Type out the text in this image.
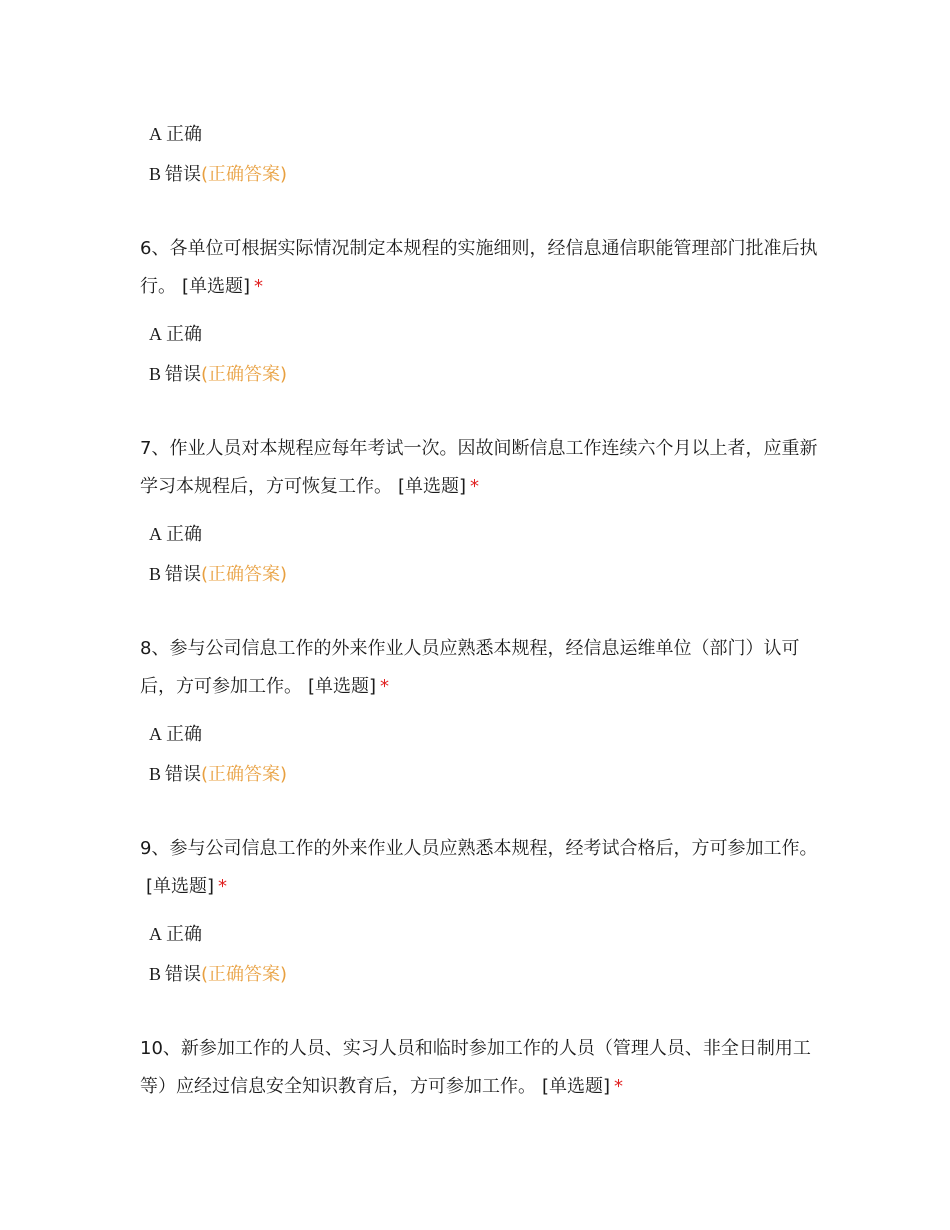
A 正确
B 错误(正确答案)
6、各单位可根据实际情况制定本规程的实施细则，经信息通信职能管理部门批准后执行。 [单选题] *
A 正确
B 错误(正确答案)
7、作业人员对本规程应每年考试一次。因故间断信息工作连续六个月以上者，应重新学习本规程后，方可恢复工作。 [单选题] *
A 正确
B 错误(正确答案)
8、参与公司信息工作的外来作业人员应熟悉本规程，经信息运维单位（部门）认可后，方可参加工作。 [单选题] *
A 正确
B 错误(正确答案)
9、参与公司信息工作的外来作业人员应熟悉本规程，经考试合格后，方可参加工作。[单选题] *
A 正确
B 错误(正确答案)
10、新参加工作的人员、实习人员和临时参加工作的人员（管理人员、非全日制用工等）应经过信息安全知识教育后，方可参加工作。 [单选题] *
